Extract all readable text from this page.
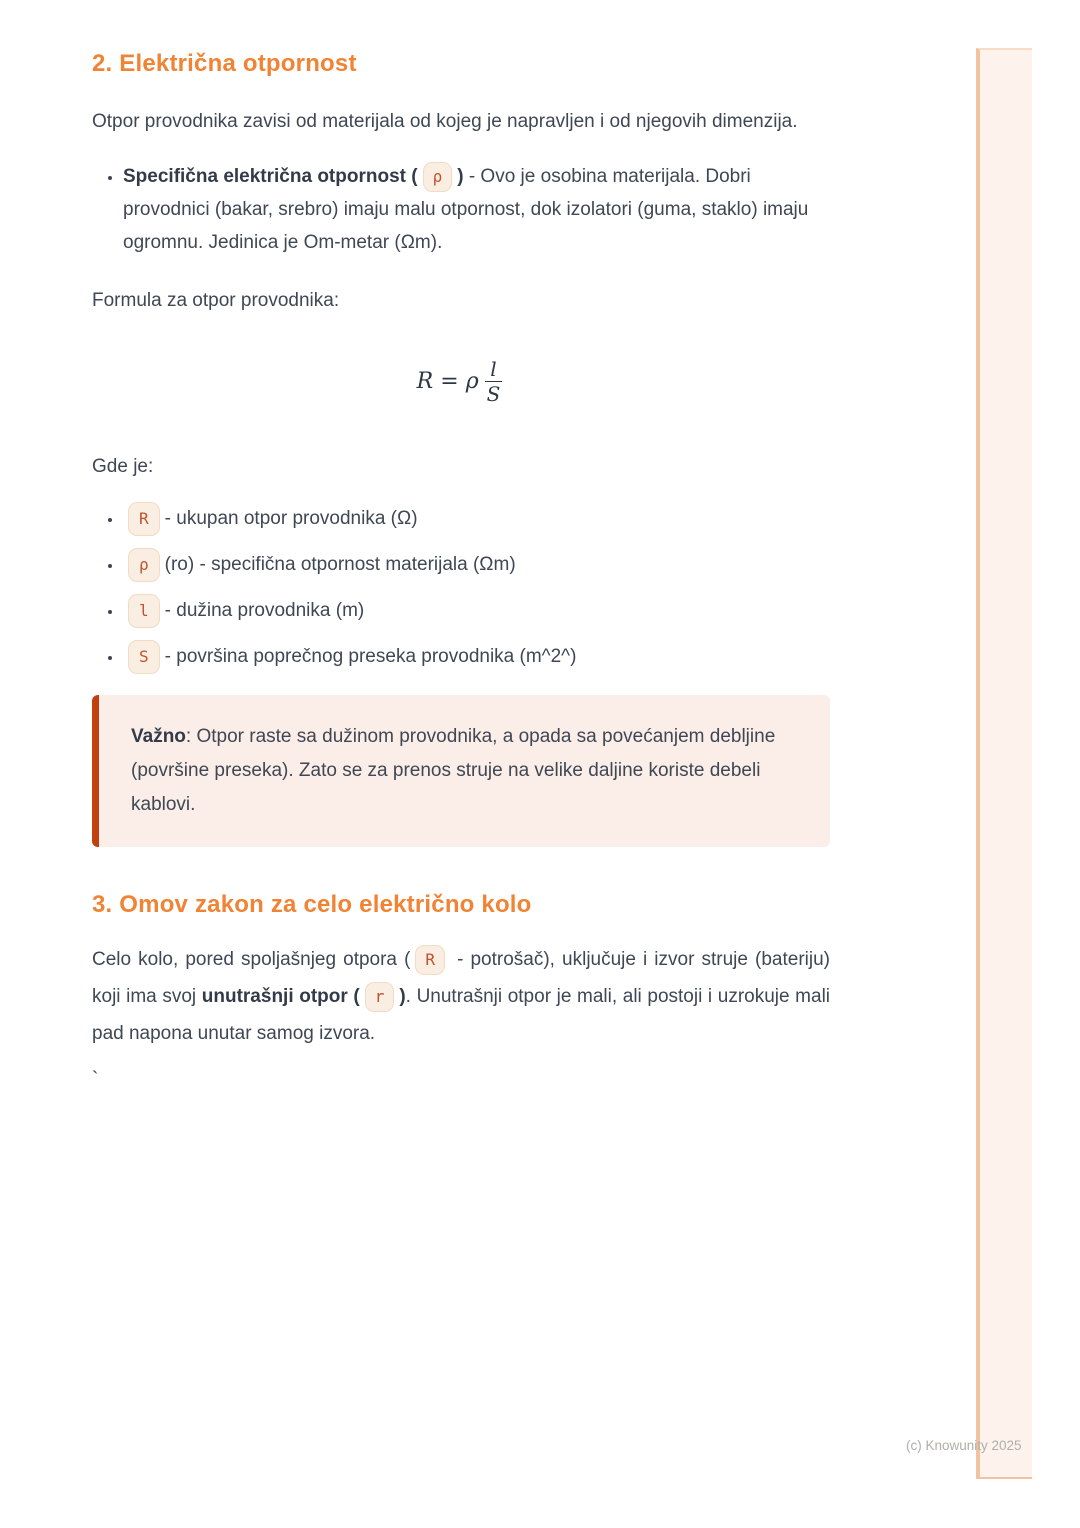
2. Električna otpornost

Otpor provodnika zavisi od materijala od kojeg je napravljen i od njegovih dimenzija.

• Specifična električna otpornost ( ρ ) - Ovo je osobina materijala. Dobri provodnici (bakar, srebro) imaju malu otpornost, dok izolatori (guma, staklo) imaju ogromnu. Jedinica je Om-metar (Ωm).

Formula za otpor provodnika:

R = ρ $\frac{l}{S}$

Gde je:

• R - ukupan otpor provodnika (Ω)
• ρ (ro) - specifična otpornost materijala (Ωm)
• l - dužina provodnika (m)
• S - površina poprečnog preseka provodnika (m^2^)

Važno: Otpor raste sa dužinom provodnika, a opada sa povećanjem debljine (površine preseka). Zato se za prenos struje na velike daljine koriste debeli kablovi.

3. Omov zakon za celo električno kolo

Celo kolo, pored spoljašnjeg otpora ( R - potrošač), uključuje i izvor struje (bateriju) koji ima svoj unutrašnji otpor ( r ). Unutrašnji otpor je mali, ali postoji i uzrokuje mali pad napona unutar samog izvora.

`

(c) Knowunity 2025
